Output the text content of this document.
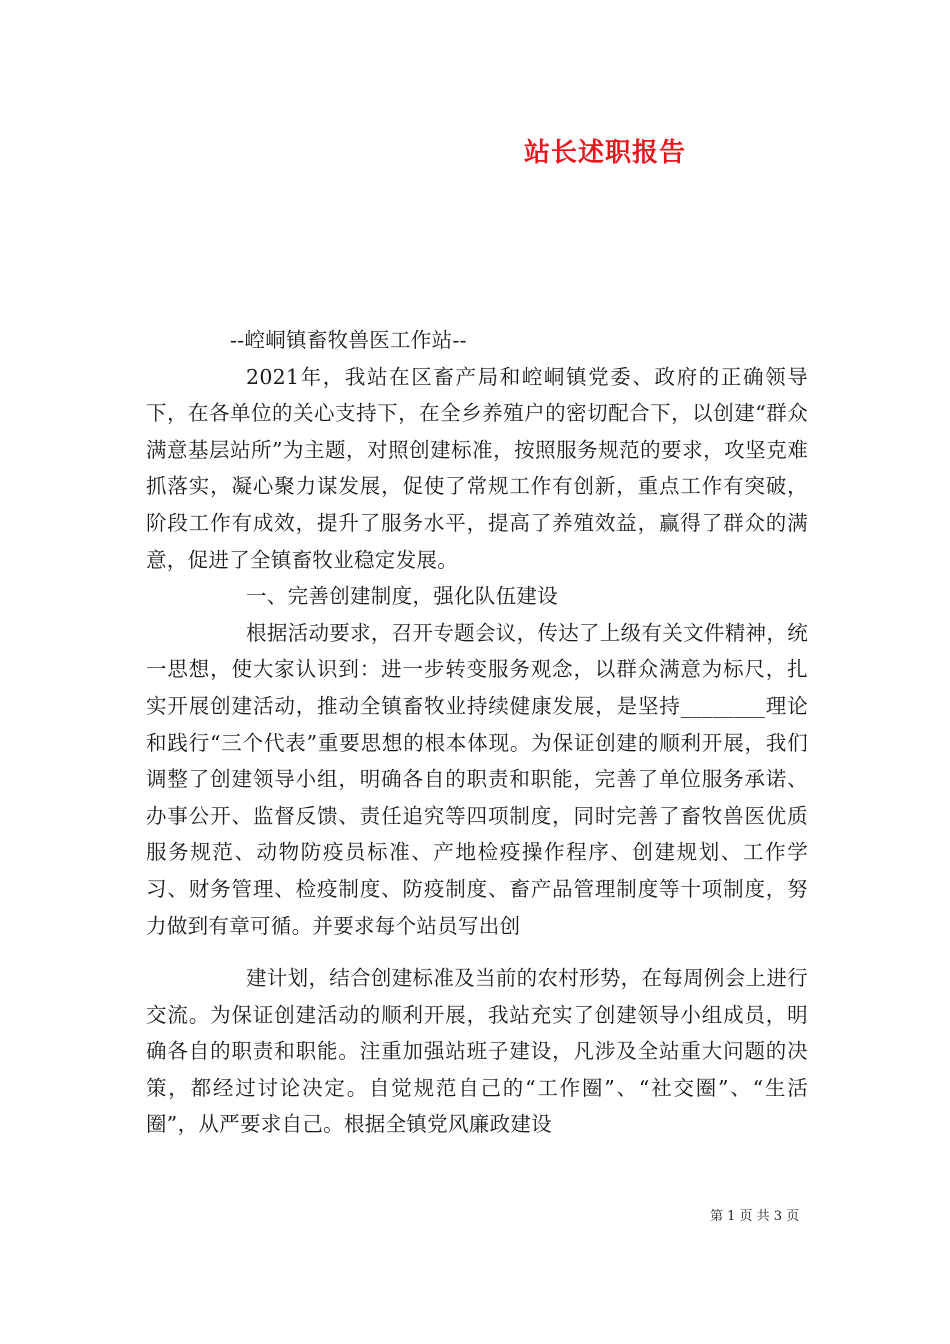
站长述职报告

--崆峒镇畜牧兽医工作站--

2021年，我站在区畜产局和崆峒镇党委、政府的正确领导下，在各单位的关心支持下，在全乡养殖户的密切配合下，以创建“群众满意基层站所”为主题，对照创建标准，按照服务规范的要求，攻坚克难抓落实，凝心聚力谋发展，促使了常规工作有创新，重点工作有突破，阶段工作有成效，提升了服务水平，提高了养殖效益，赢得了群众的满意，促进了全镇畜牧业稳定发展。

一、完善创建制度，强化队伍建设

根据活动要求，召开专题会议，传达了上级有关文件精神，统一思想，使大家认识到：进一步转变服务观念，以群众满意为标尺，扎实开展创建活动，推动全镇畜牧业持续健康发展，是坚持________理论和践行“三个代表”重要思想的根本体现。为保证创建的顺利开展，我们调整了创建领导小组，明确各自的职责和职能，完善了单位服务承诺、办事公开、监督反馈、责任追究等四项制度，同时完善了畜牧兽医优质服务规范、动物防疫员标准、产地检疫操作程序、创建规划、工作学习、财务管理、检疫制度、防疫制度、畜产品管理制度等十项制度，努力做到有章可循。并要求每个站员写出创

建计划，结合创建标准及当前的农村形势，在每周例会上进行交流。为保证创建活动的顺利开展，我站充实了创建领导小组成员，明确各自的职责和职能。注重加强站班子建设，凡涉及全站重大问题的决策，都经过讨论决定。自觉规范自己的“工作圈”、“社交圈”、“生活圈”，从严要求自己。根据全镇党风廉政建设

第 1 页 共 3 页
